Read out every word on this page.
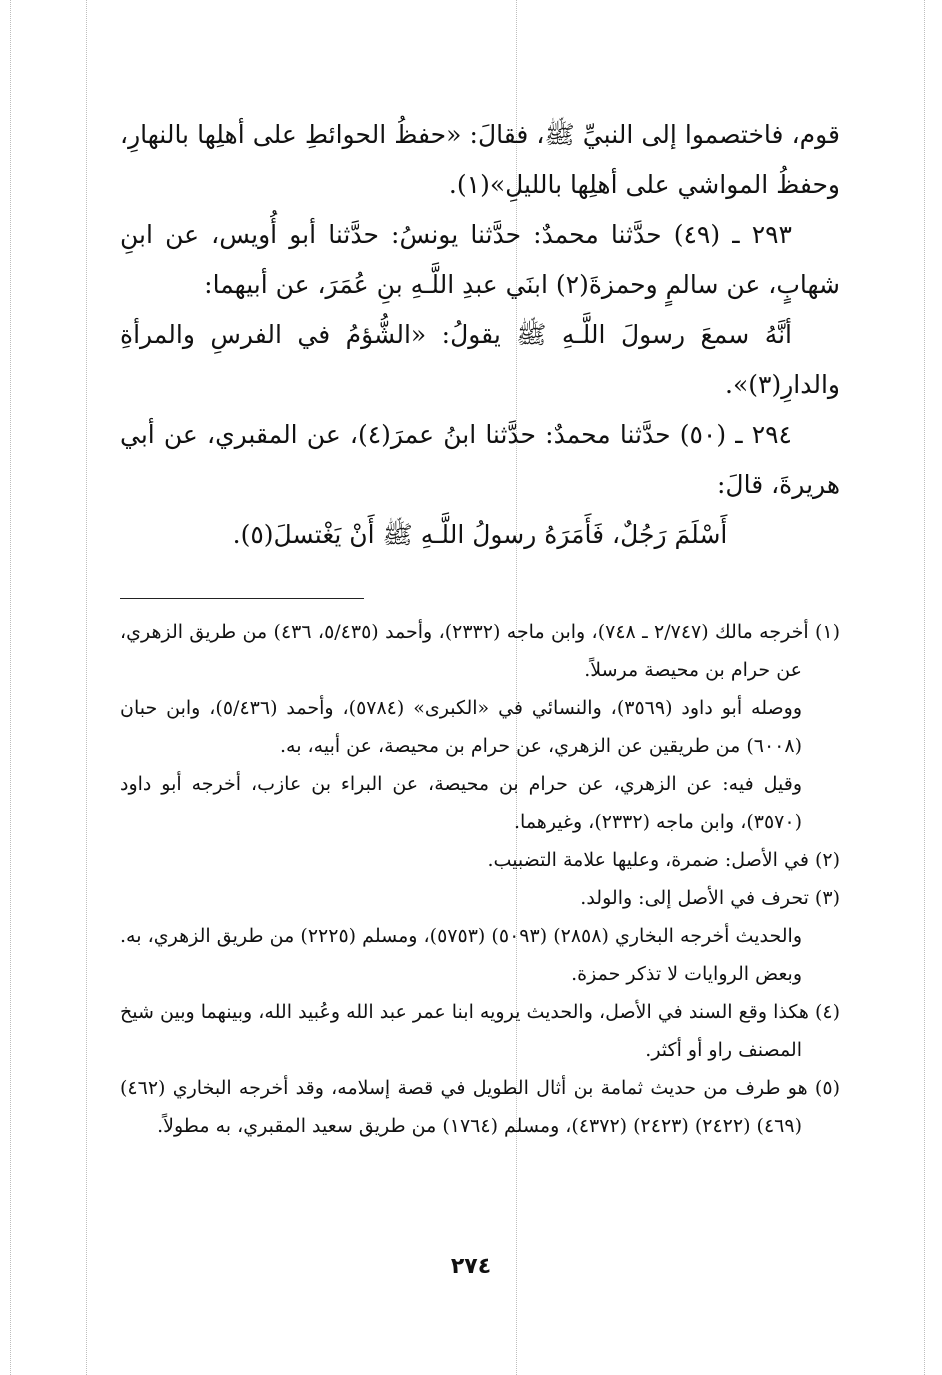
قوم، فاختصموا إلى النبيِّ ﷺ، فقالَ: «حفظُ الحوائطِ على أهلِها بالنهارِ، وحفظُ المواشي على أهلِها بالليلِ»(١).

٢٩٣ ـ (٤٩) حدَّثنا محمدٌ: حدَّثنا يونسُ: حدَّثنا أبو أُويس، عن ابنِ شهابٍ، عن سالمٍ وحمزةَ(٢) ابنَي عبدِ اللَّـهِ بنِ عُمَرَ، عن أبيهما:

أنَّهُ سمعَ رسولَ اللَّـهِ ﷺ يقولُ: «الشُّؤمُ في الفرسِ والمرأةِ والدارِ(٣)».

٢٩٤ ـ (٥٠) حدَّثنا محمدٌ: حدَّثنا ابنُ عمرَ(٤)، عن المقبري، عن أبي هريرةَ، قالَ:

أَسْلَمَ رَجُلٌ، فَأَمَرَهُ رسولُ اللَّـهِ ﷺ أَنْ يَغْتسلَ(٥).

(١) أخرجه مالك (٢/٧٤٧ ـ ٧٤٨)، وابن ماجه (٢٣٣٢)، وأحمد (٥/٤٣٥، ٤٣٦) من طريق الزهري، عن حرام بن محيصة مرسلاً.

ووصله أبو داود (٣٥٦٩)، والنسائي في «الكبرى» (٥٧٨٤)، وأحمد (٥/٤٣٦)، وابن حبان (٦٠٠٨) من طريقين عن الزهري، عن حرام بن محيصة، عن أبيه، به.

وقيل فيه: عن الزهري، عن حرام بن محيصة، عن البراء بن عازب، أخرجه أبو داود (٣٥٧٠)، وابن ماجه (٢٣٣٢)، وغيرهما.

(٢) في الأصل: ضمرة، وعليها علامة التضبيب.

(٣) تحرف في الأصل إلى: والولد.

والحديث أخرجه البخاري (٢٨٥٨) (٥٠٩٣) (٥٧٥٣)، ومسلم (٢٢٢٥) من طريق الزهري، به. وبعض الروايات لا تذكر حمزة.

(٤) هكذا وقع السند في الأصل، والحديث يرويه ابنا عمر عبد الله وعُبيد الله، وبينهما وبين شيخ المصنف راو أو أكثر.

(٥) هو طرف من حديث ثمامة بن أثال الطويل في قصة إسلامه، وقد أخرجه البخاري (٤٦٢) (٤٦٩) (٢٤٢٢) (٢٤٢٣) (٤٣٧٢)، ومسلم (١٧٦٤) من طريق سعيد المقبري، به مطولاً.

٢٧٤
